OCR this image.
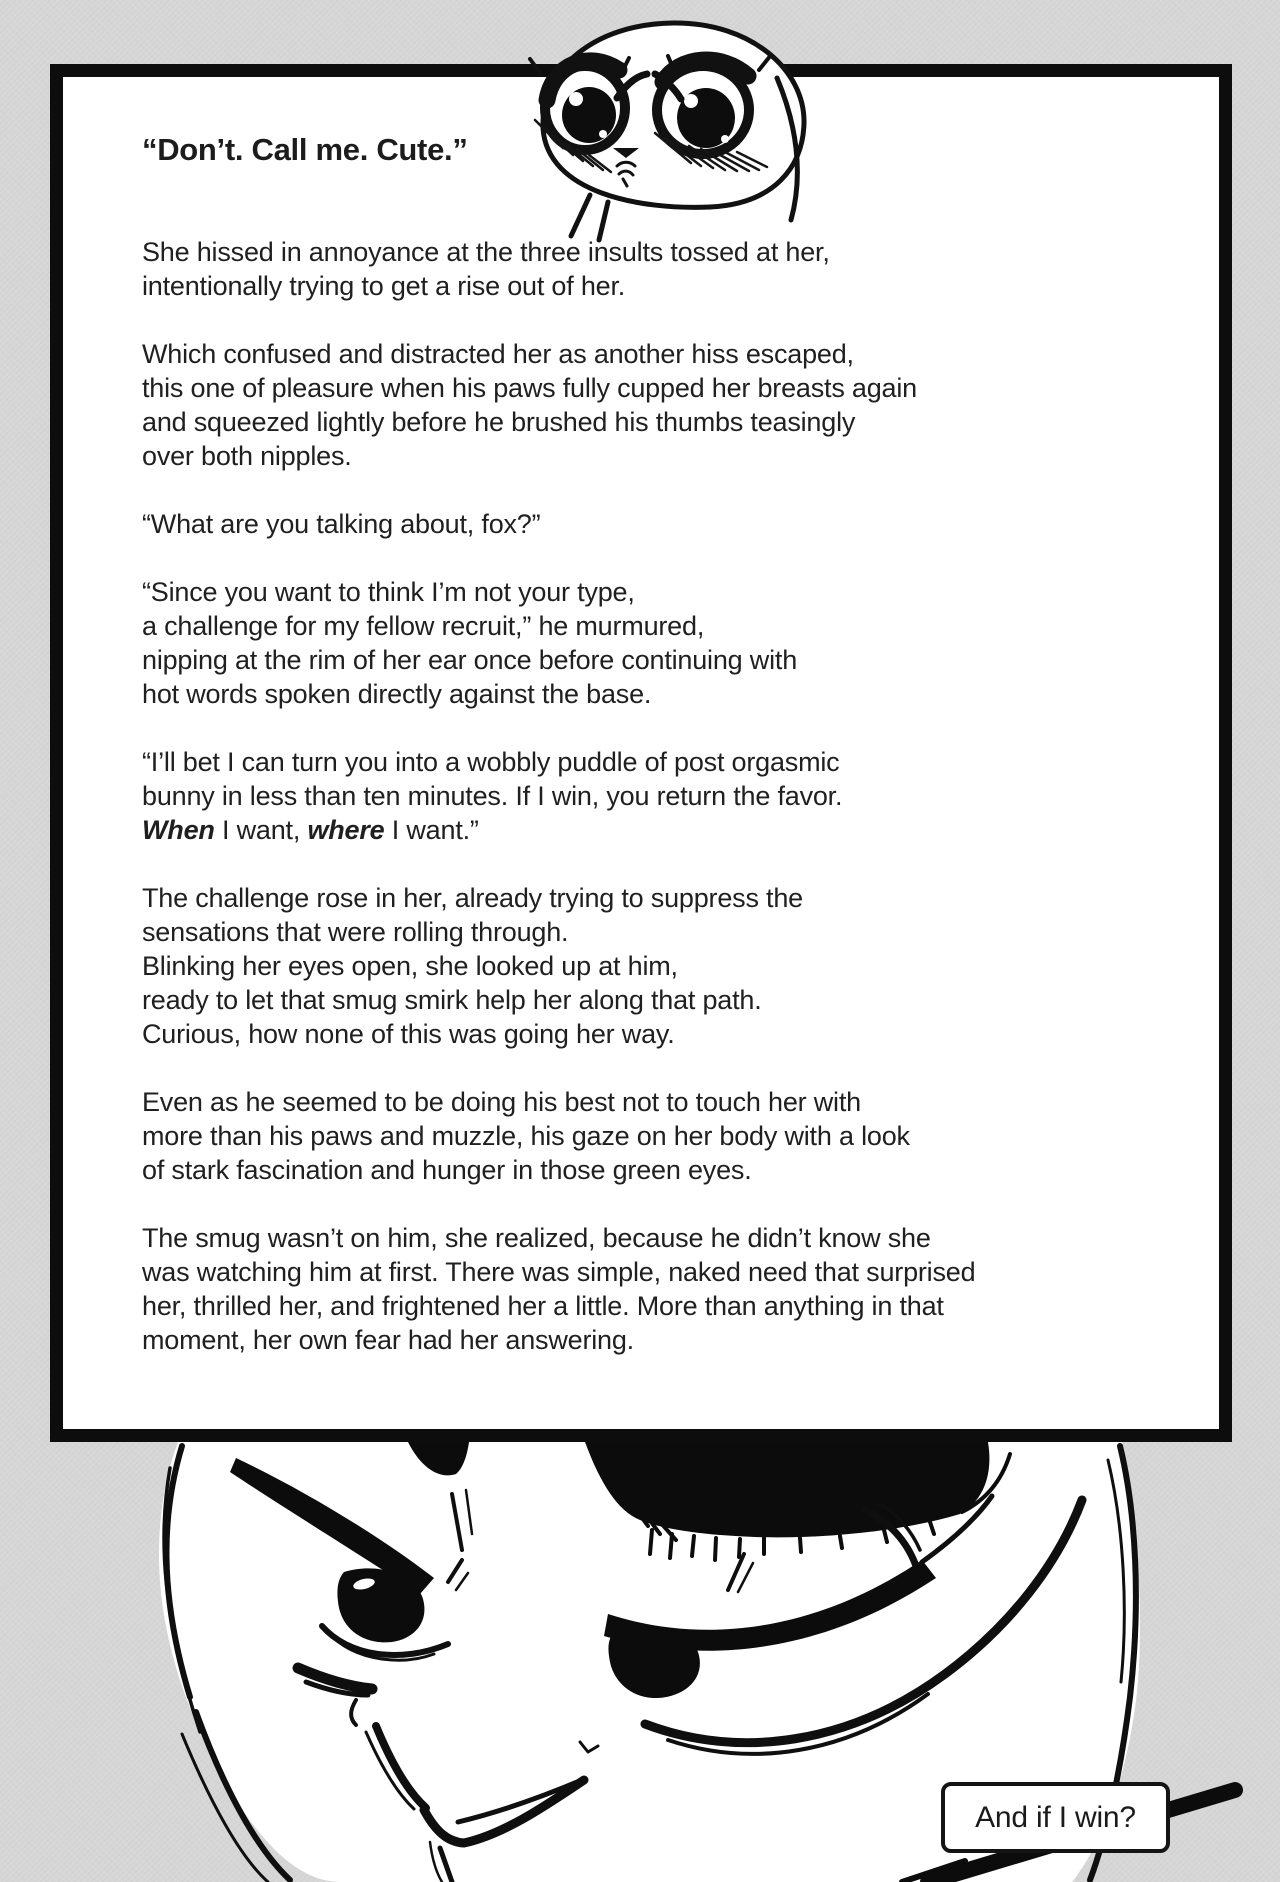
“Don’t. Call me. Cute.”
She hissed in annoyance at the three insults tossed at her,
intentionally trying to get a rise out of her.
Which confused and distracted her as another hiss escaped,
this one of pleasure when his paws fully cupped her breasts again
and squeezed lightly before he brushed his thumbs teasingly
over both nipples.
“What are you talking about, fox?”
“Since you want to think I’m not your type,
a challenge for my fellow recruit,” he murmured,
nipping at the rim of her ear once before continuing with
hot words spoken directly against the base.
“I’ll bet I can turn you into a wobbly puddle of post orgasmic
bunny in less than ten minutes. If I win, you return the favor.
When I want, where I want.”
The challenge rose in her, already trying to suppress the
sensations that were rolling through.
Blinking her eyes open, she looked up at him,
ready to let that smug smirk help her along that path.
Curious, how none of this was going her way.
Even as he seemed to be doing his best not to touch her with
more than his paws and muzzle, his gaze on her body with a look
of stark fascination and hunger in those green eyes.
The smug wasn’t on him, she realized, because he didn’t know she
was watching him at first. There was simple, naked need that surprised
her, thrilled her, and frightened her a little. More than anything in that
moment, her own fear had her answering.
And if I win?
